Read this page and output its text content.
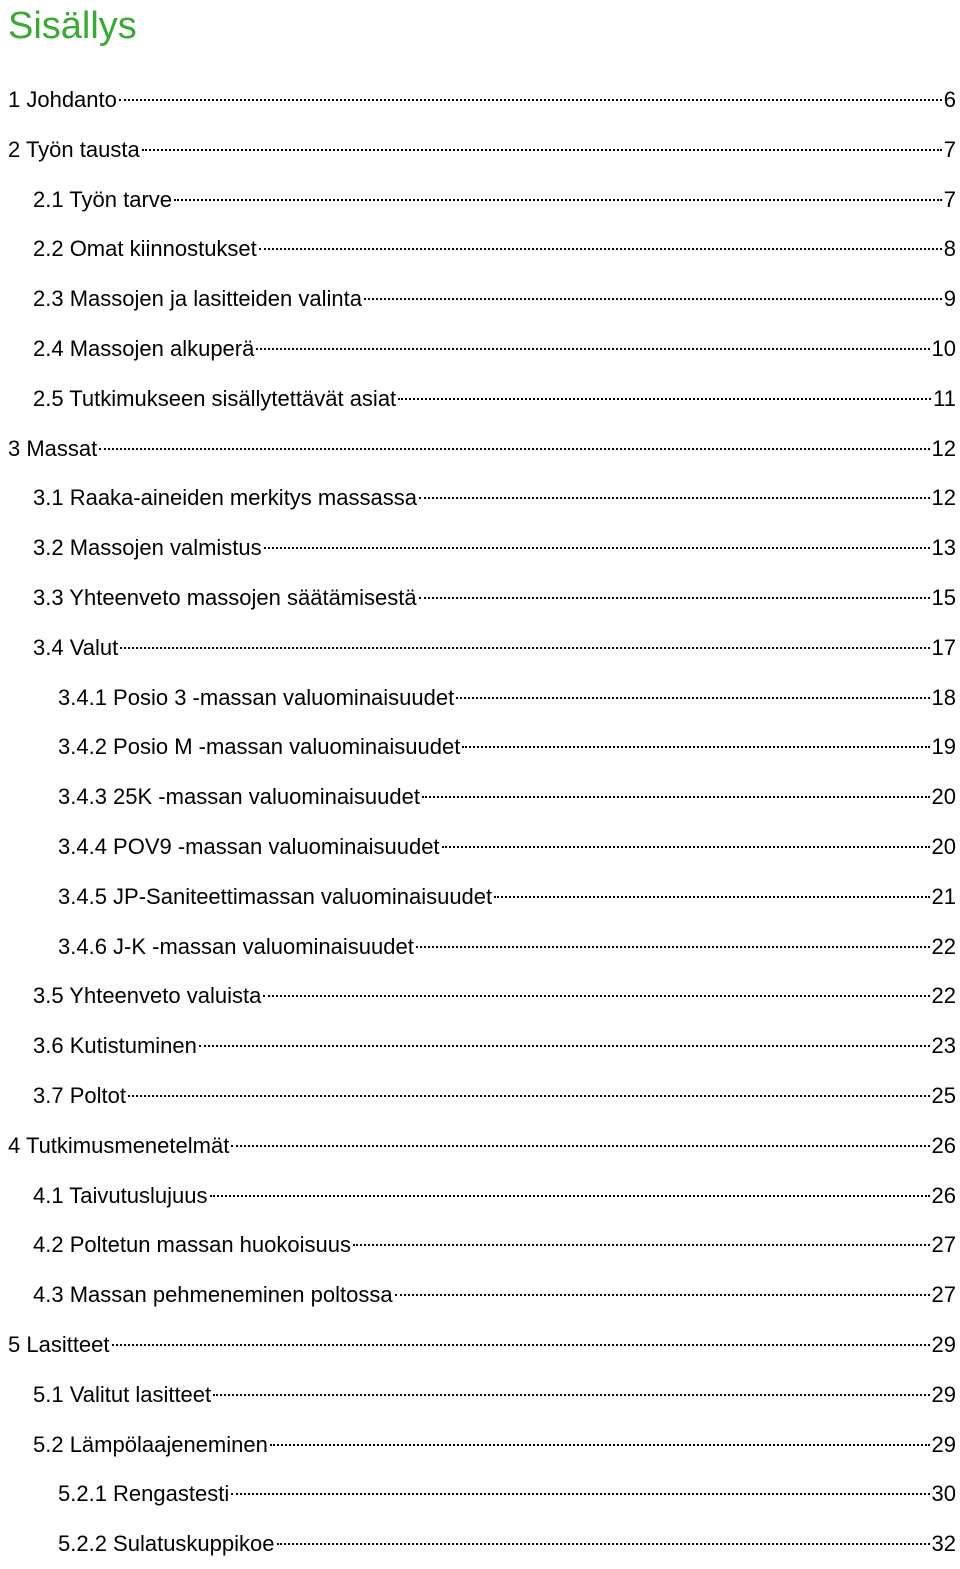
Sisällys
1 Johdanto	6
2 Työn tausta	7
2.1 Työn tarve	7
2.2 Omat kiinnostukset	8
2.3 Massojen ja lasitteiden valinta	9
2.4 Massojen alkuperä	10
2.5 Tutkimukseen sisällytettävät asiat	11
3 Massat	12
3.1 Raaka-aineiden merkitys massassa	12
3.2 Massojen valmistus	13
3.3 Yhteenveto massojen säätämisestä	15
3.4 Valut	17
3.4.1 Posio 3 -massan valuominaisuudet	18
3.4.2 Posio M -massan valuominaisuudet	19
3.4.3 25K -massan valuominaisuudet	20
3.4.4 POV9 -massan valuominaisuudet	20
3.4.5 JP-Saniteettimassan valuominaisuudet	21
3.4.6 J-K -massan valuominaisuudet	22
3.5 Yhteenveto valuista	22
3.6 Kutistuminen	23
3.7 Poltot	25
4 Tutkimusmenetelmät	26
4.1 Taivutuslujuus	26
4.2 Poltetun massan huokoisuus	27
4.3 Massan pehmeneminen poltossa	27
5 Lasitteet	29
5.1 Valitut lasitteet	29
5.2 Lämpölaajeneminen	29
5.2.1 Rengastesti	30
5.2.2 Sulatuskuppikoe	32
